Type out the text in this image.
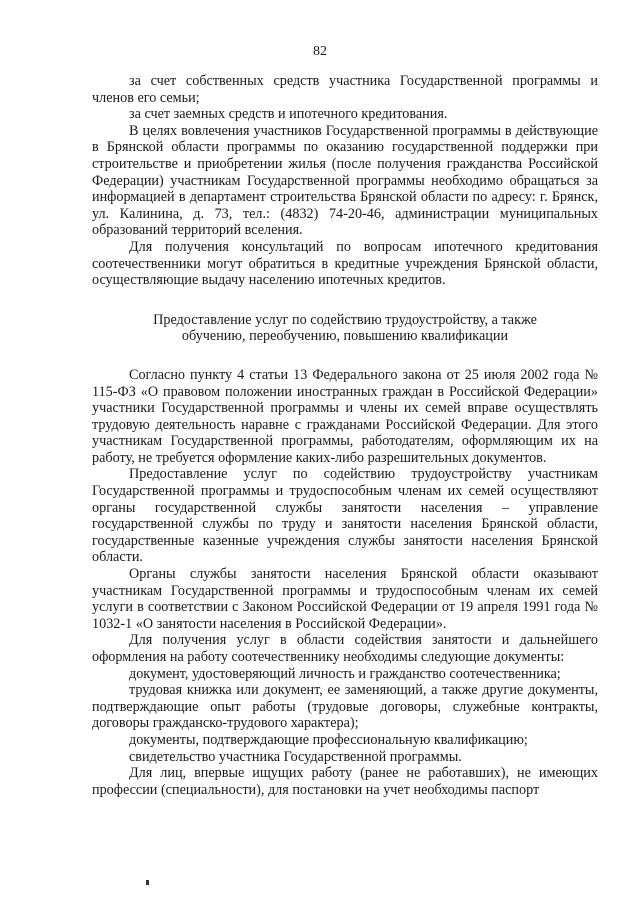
82

за счет собственных средств участника Государственной программы и членов его семьи;

за счет заемных средств и ипотечного кредитования.

В целях вовлечения участников Государственной программы в действующие в Брянской области программы по оказанию государственной поддержки при строительстве и приобретении жилья (после получения гражданства Российской Федерации) участникам Государственной программы необходимо обращаться за информацией в департамент строительства Брянской области по адресу: г. Брянск, ул. Калинина, д. 73, тел.: (4832) 74-20-46, администрации муниципальных образований территорий вселения.

Для получения консультаций по вопросам ипотечного кредитования соотечественники могут обратиться в кредитные учреждения Брянской области, осуществляющие выдачу населению ипотечных кредитов.

Предоставление услуг по содействию трудоустройству, а также
обучению, переобучению, повышению квалификации

Согласно пункту 4 статьи 13 Федерального закона от 25 июля 2002 года № 115-ФЗ «О правовом положении иностранных граждан в Российской Федерации» участники Государственной программы и члены их семей вправе осуществлять трудовую деятельность наравне с гражданами Российской Федерации. Для этого участникам Государственной программы, работодателям, оформляющим их на работу, не требуется оформление каких-либо разрешительных документов.

Предоставление услуг по содействию трудоустройству участникам Государственной программы и трудоспособным членам их семей осуществляют органы государственной службы занятости населения – управление государственной службы по труду и занятости населения Брянской области, государственные казенные учреждения службы занятости населения Брянской области.

Органы службы занятости населения Брянской области оказывают участникам Государственной программы и трудоспособным членам их семей услуги в соответствии с Законом Российской Федерации от 19 апреля 1991 года № 1032-1 «О занятости населения в Российской Федерации».

Для получения услуг в области содействия занятости и дальнейшего оформления на работу соотечественнику необходимы следующие документы:

документ, удостоверяющий личность и гражданство соотечественника;

трудовая книжка или документ, ее заменяющий, а также другие документы, подтверждающие опыт работы (трудовые договоры, служебные контракты, договоры гражданско-трудового характера);

документы, подтверждающие профессиональную квалификацию;

свидетельство участника Государственной программы.

Для лиц, впервые ищущих работу (ранее не работавших), не имеющих профессии (специальности), для постановки на учет необходимы паспорт
